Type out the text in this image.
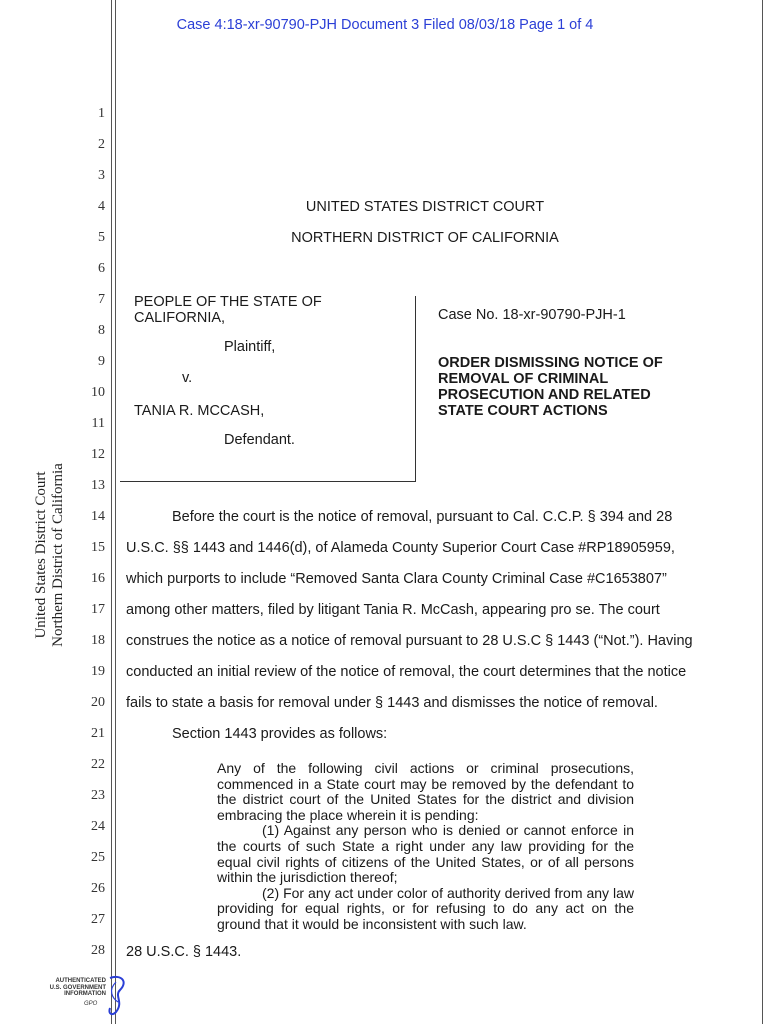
Case 4:18-xr-90790-PJH Document 3 Filed 08/03/18 Page 1 of 4
1
2
3
4
5
6
7
8
9
10
11
12
13
14
15
16
17
18
19
20
21
22
23
24
25
26
27
28
United States District Court Northern District of California
UNITED STATES DISTRICT COURT
NORTHERN DISTRICT OF CALIFORNIA
PEOPLE OF THE STATE OF
CALIFORNIA,
Plaintiff,
v.
TANIA R. MCCASH,
Defendant.
Case No. 18-xr-90790-PJH-1
ORDER DISMISSING NOTICE OF
REMOVAL OF CRIMINAL
PROSECUTION AND RELATED
STATE COURT ACTIONS
Before the court is the notice of removal, pursuant to Cal. C.C.P. § 394 and 28
U.S.C. §§ 1443 and 1446(d), of Alameda County Superior Court Case #RP18905959,
which purports to include “Removed Santa Clara County Criminal Case #C1653807”
among other matters, filed by litigant Tania R. McCash, appearing pro se. The court
construes the notice as a notice of removal pursuant to 28 U.S.C § 1443 (“Not.”). Having
conducted an initial review of the notice of removal, the court determines that the notice
fails to state a basis for removal under § 1443 and dismisses the notice of removal.
Section 1443 provides as follows:

Any of the following civil actions or criminal prosecutions, commenced in a State court may be removed by the defendant to the district court of the United States for the district and division embracing the place wherein it is pending:

(1) Against any person who is denied or cannot enforce in the courts of such State a right under any law providing for the equal civil rights of citizens of the United States, or of all persons within the jurisdiction thereof;

(2) For any act under color of authority derived from any law providing for equal rights, or for refusing to do any act on the ground that it would be inconsistent with such law.

28 U.S.C. § 1443.
AUTHENTICATED
U.S. GOVERNMENT
INFORMATION
GPO
